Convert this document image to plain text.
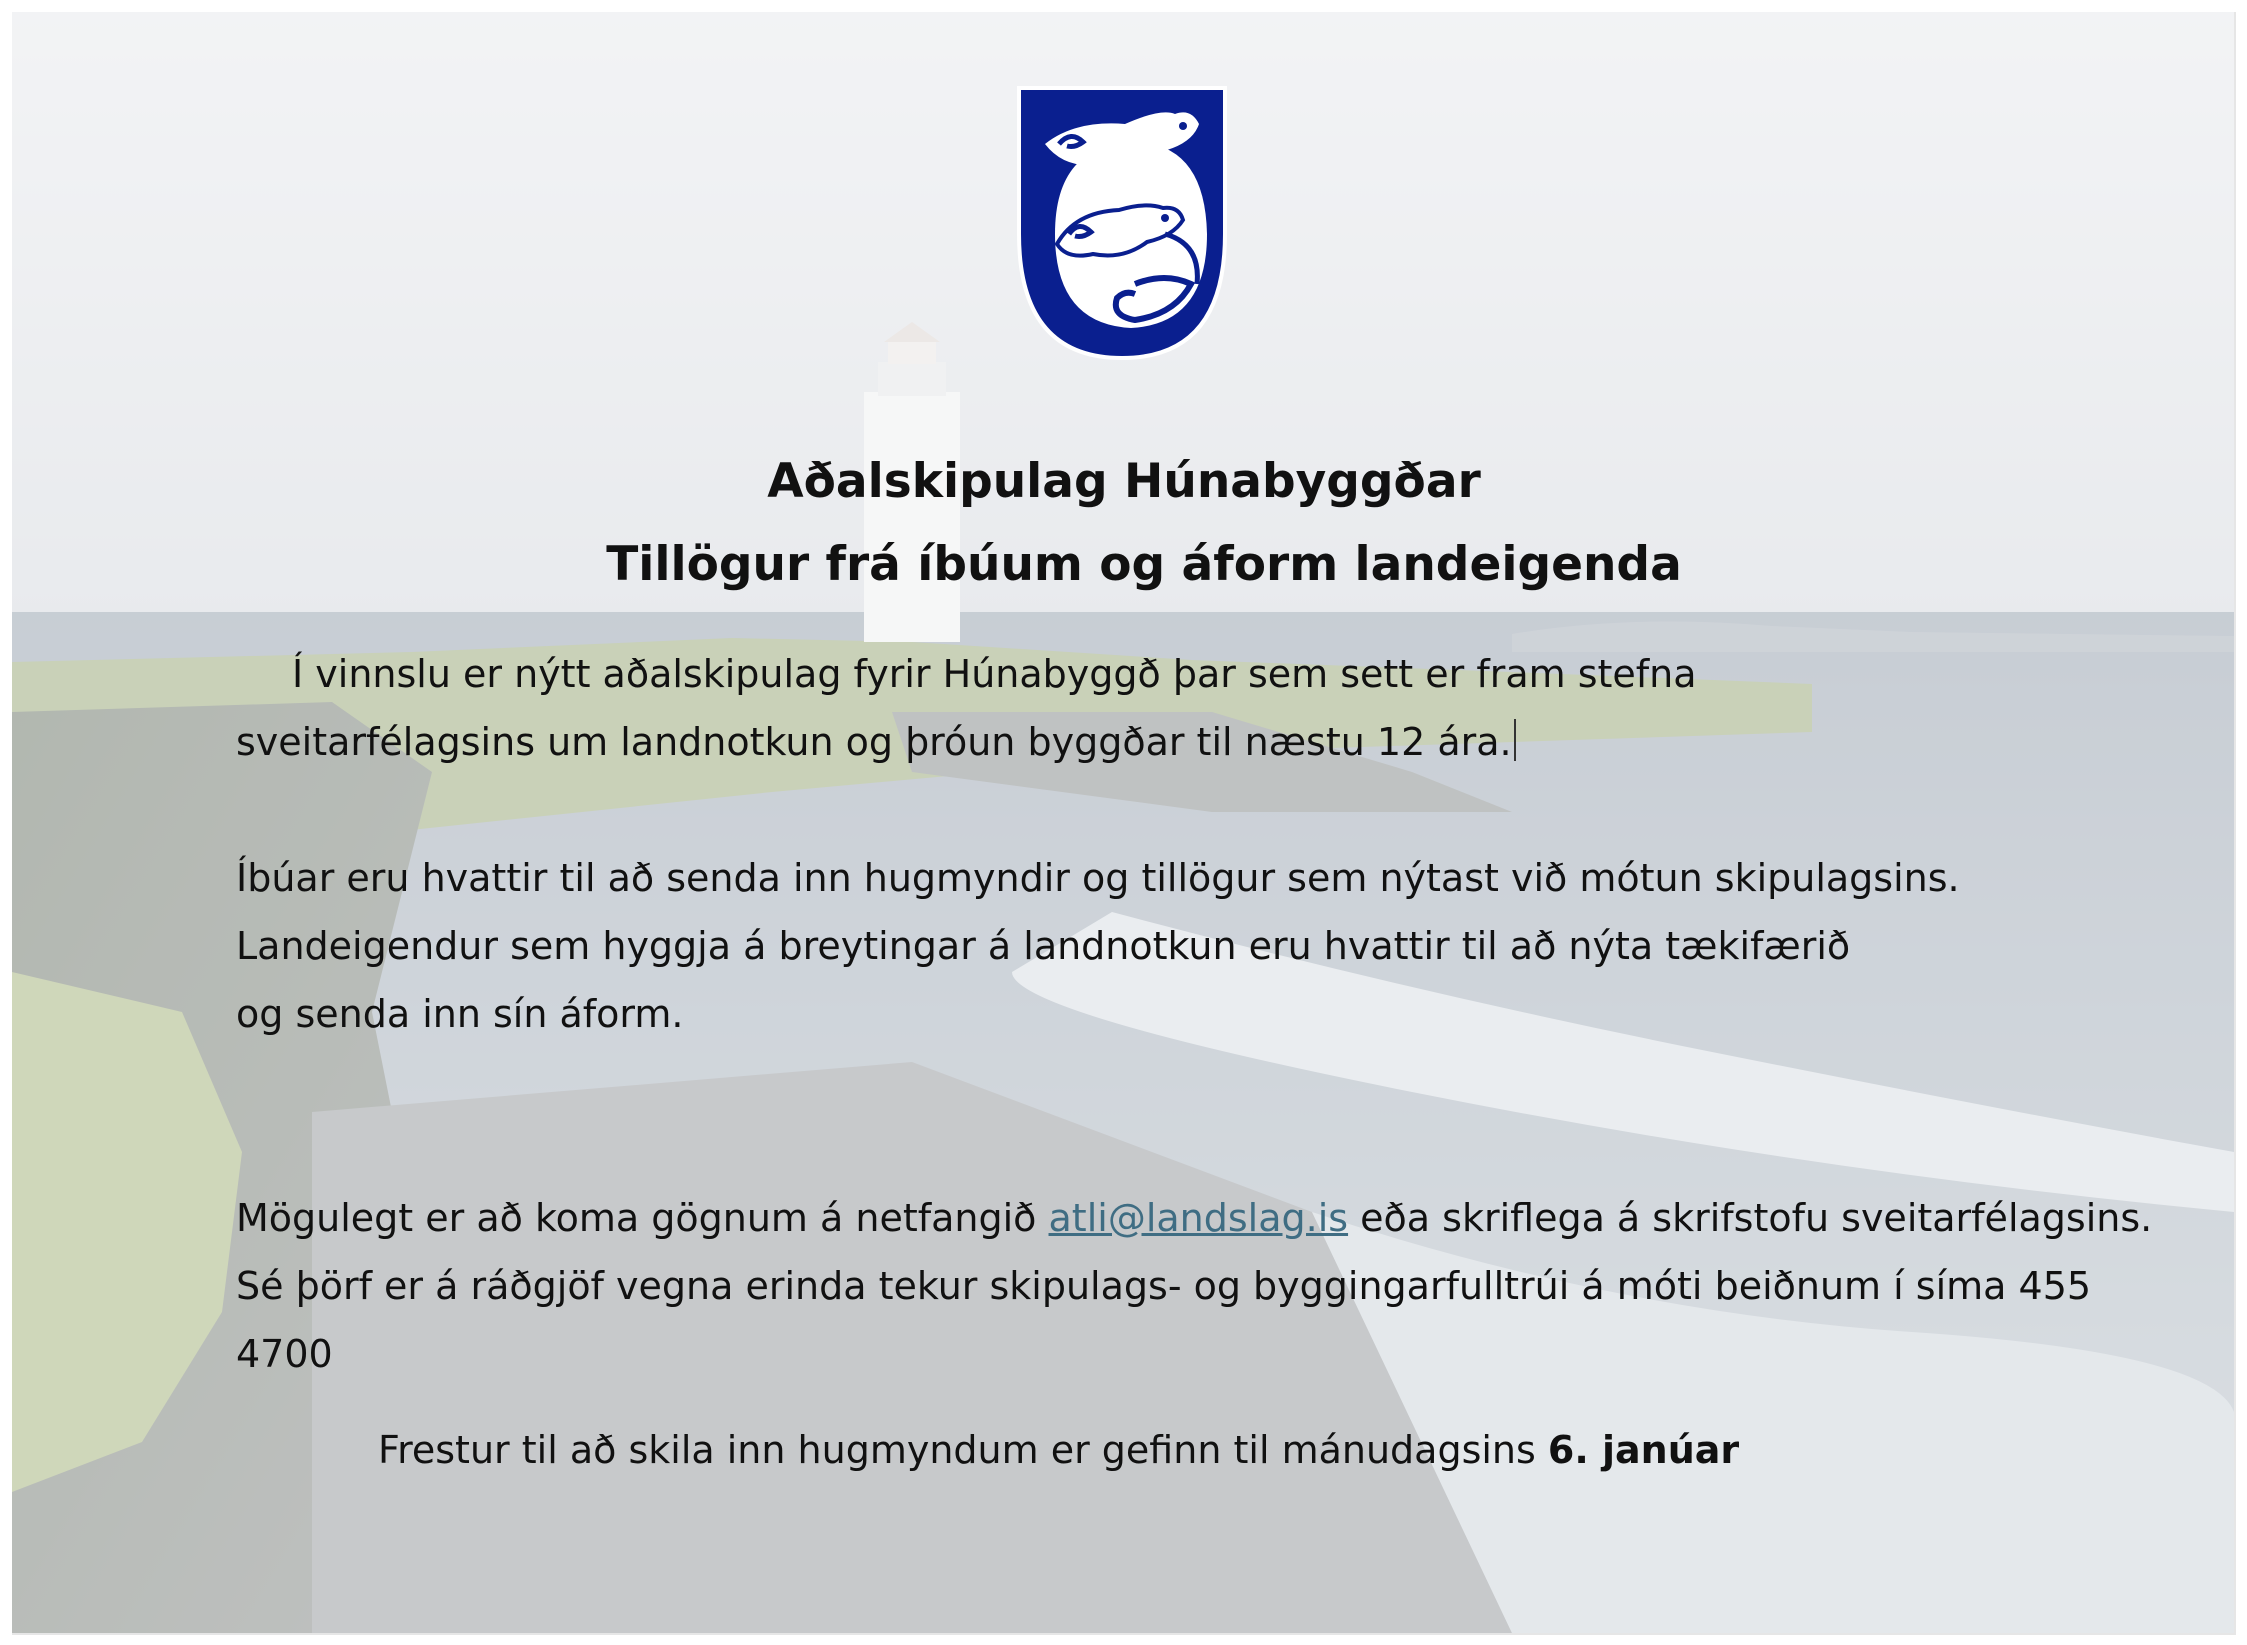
Aðalskipulag Húnabyggðar
Tillögur frá íbúum og áform landeigenda

Í vinnslu er nýtt aðalskipulag fyrir Húnabyggð þar sem sett er fram stefna sveitarfélagsins um landnotkun og þróun byggðar til næstu 12 ára.

Íbúar eru hvattir til að senda inn hugmyndir og tillögur sem nýtast við mótun skipulagsins.
Landeigendur sem hyggja á breytingar á landnotkun eru hvattir til að nýta tækifærið
og senda inn sín áform.

Mögulegt er að koma gögnum á netfangið atli@landslag.is eða skriflega á skrifstofu sveitarfélagsins. Sé þörf er á ráðgjöf vegna erinda tekur skipulags- og byggingarfulltrúi á móti beiðnum í síma 455 4700

Frestur til að skila inn hugmyndum er gefinn til mánudagsins 6. janúar
